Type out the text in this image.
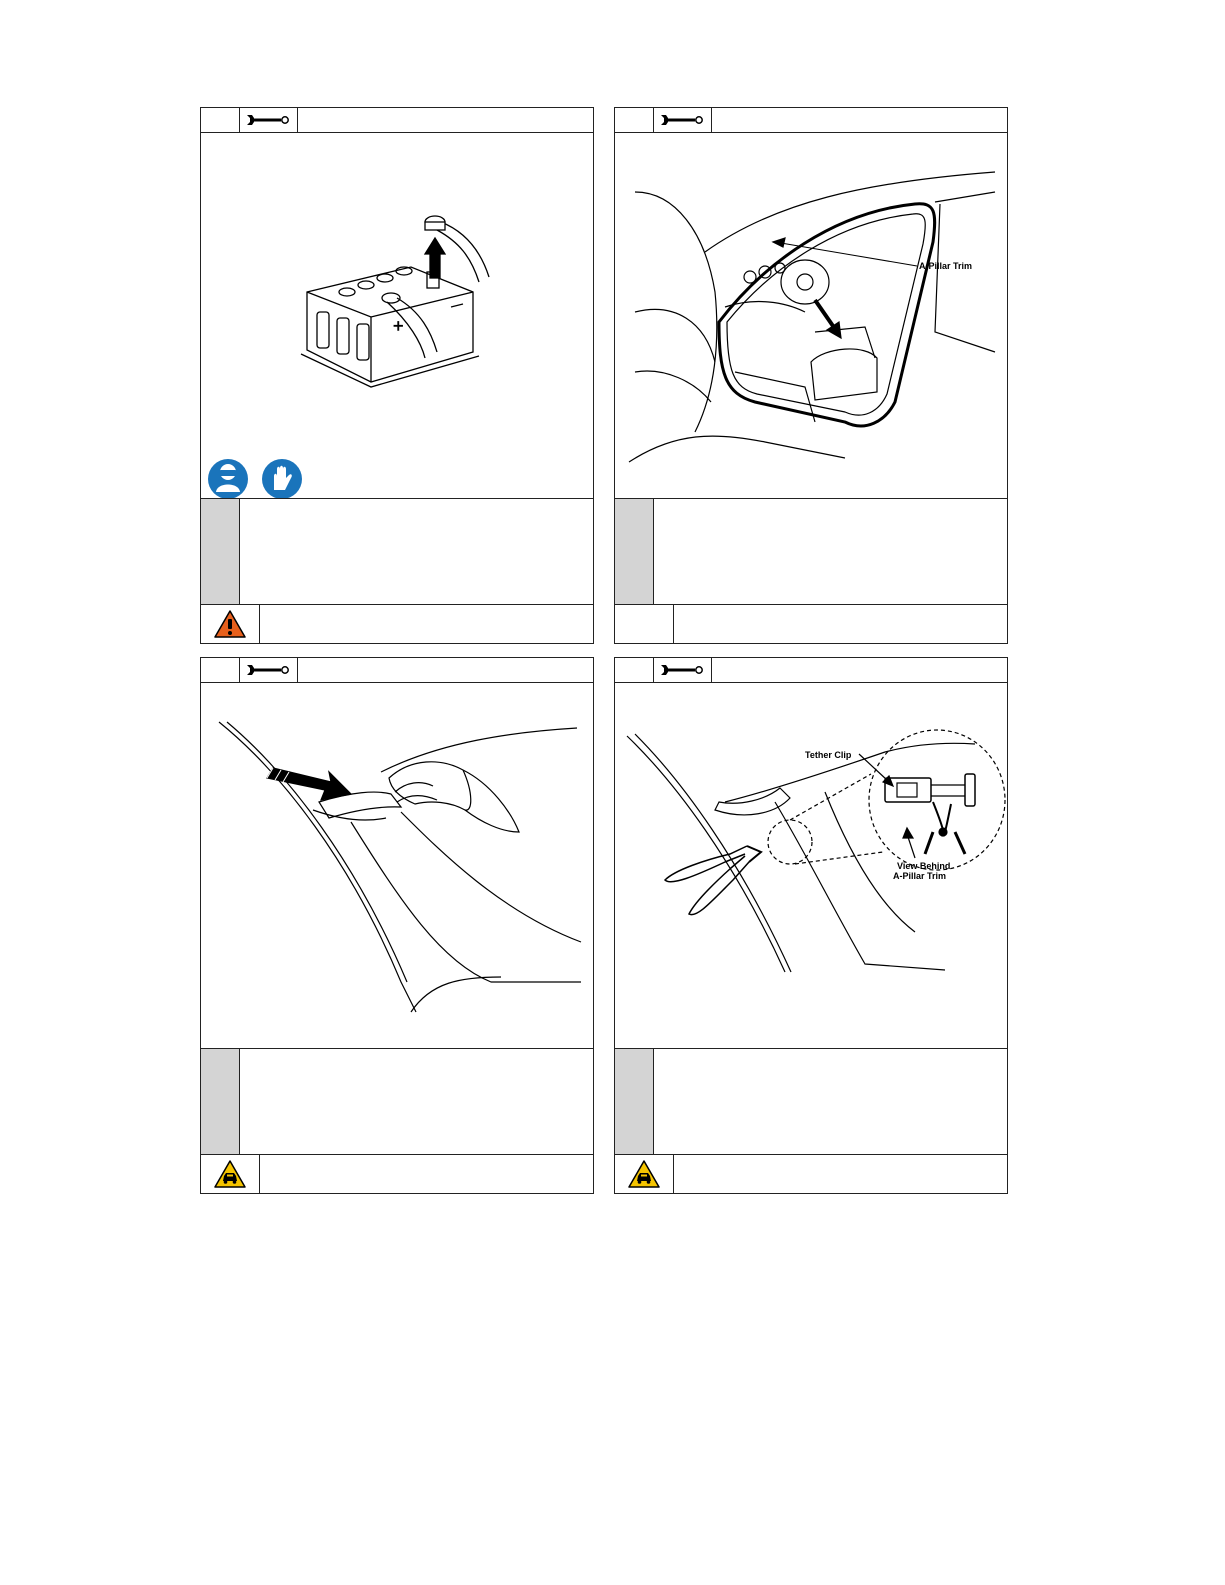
+
A-Pillar Trim
Tether Clip
View Behind
A-Pillar Trim
